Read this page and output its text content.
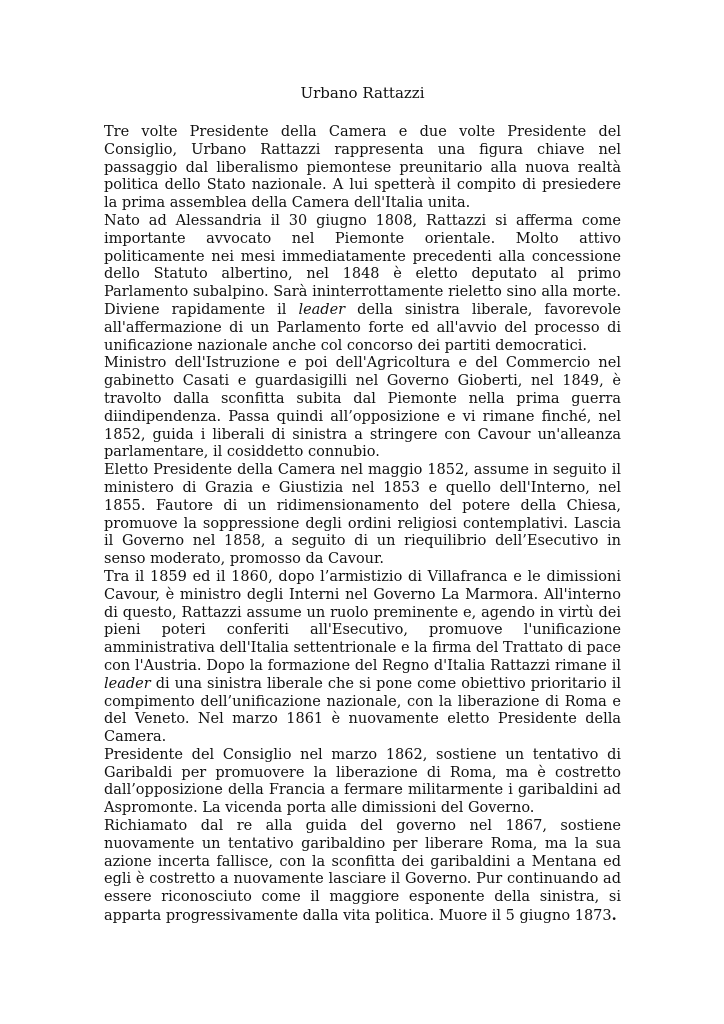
Urbano Rattazzi

Tre volte Presidente della Camera e due volte Presidente del Consiglio, Urbano Rattazzi rappresenta una figura chiave nel passaggio dal liberalismo piemontese preunitario alla nuova realtà politica dello Stato nazionale. A lui spetterà il compito di presiedere la prima assemblea della Camera dell'Italia unita.

Nato ad Alessandria il 30 giugno 1808, Rattazzi si afferma come importante avvocato nel Piemonte orientale. Molto attivo politicamente nei mesi immediatamente precedenti alla concessione dello Statuto albertino, nel 1848 è eletto deputato al primo Parlamento subalpino. Sarà ininterrottamente rieletto sino alla morte. Diviene rapidamente il leader della sinistra liberale, favorevole all'affermazione di un Parlamento forte ed all'avvio del processo di unificazione nazionale anche col concorso dei partiti democratici.

Ministro dell'Istruzione e poi dell'Agricoltura e del Commercio nel gabinetto Casati e guardasigilli nel Governo Gioberti, nel 1849, è travolto dalla sconfitta subita dal Piemonte nella prima guerra diindipendenza. Passa quindi all’opposizione e vi rimane finché, nel 1852, guida i liberali di sinistra a stringere con Cavour un'alleanza parlamentare, il cosiddetto connubio.

Eletto Presidente della Camera nel maggio 1852, assume in seguito il ministero di Grazia e Giustizia nel 1853 e quello dell'Interno, nel 1855. Fautore di un ridimensionamento del potere della Chiesa, promuove la soppressione degli ordini religiosi contemplativi. Lascia il Governo nel 1858, a seguito di un riequilibrio dell’Esecutivo in senso moderato, promosso da Cavour.

Tra il 1859 ed il 1860, dopo l’armistizio di Villafranca e le dimissioni Cavour, è ministro degli Interni nel Governo La Marmora. All'interno di questo, Rattazzi assume un ruolo preminente e, agendo in virtù dei pieni poteri conferiti all'Esecutivo, promuove l'unificazione amministrativa dell'Italia settentrionale e la firma del Trattato di pace con l'Austria. Dopo la formazione del Regno d'Italia Rattazzi rimane il leader di una sinistra liberale che si pone come obiettivo prioritario il compimento dell’unificazione nazionale, con la liberazione di Roma e del Veneto. Nel marzo 1861 è nuovamente eletto Presidente della Camera.

Presidente del Consiglio nel marzo 1862, sostiene un tentativo di Garibaldi per promuovere la liberazione di Roma, ma è costretto dall’opposizione della Francia a fermare militarmente i garibaldini ad Aspromonte. La vicenda porta alle dimissioni del Governo.

Richiamato dal re alla guida del governo nel 1867, sostiene nuovamente un tentativo garibaldino per liberare Roma, ma la sua azione incerta fallisce, con la sconfitta dei garibaldini a Mentana ed egli è costretto a nuovamente lasciare il Governo. Pur continuando ad essere riconosciuto come il maggiore esponente della sinistra, si apparta progressivamente dalla vita politica. Muore il 5 giugno 1873.
